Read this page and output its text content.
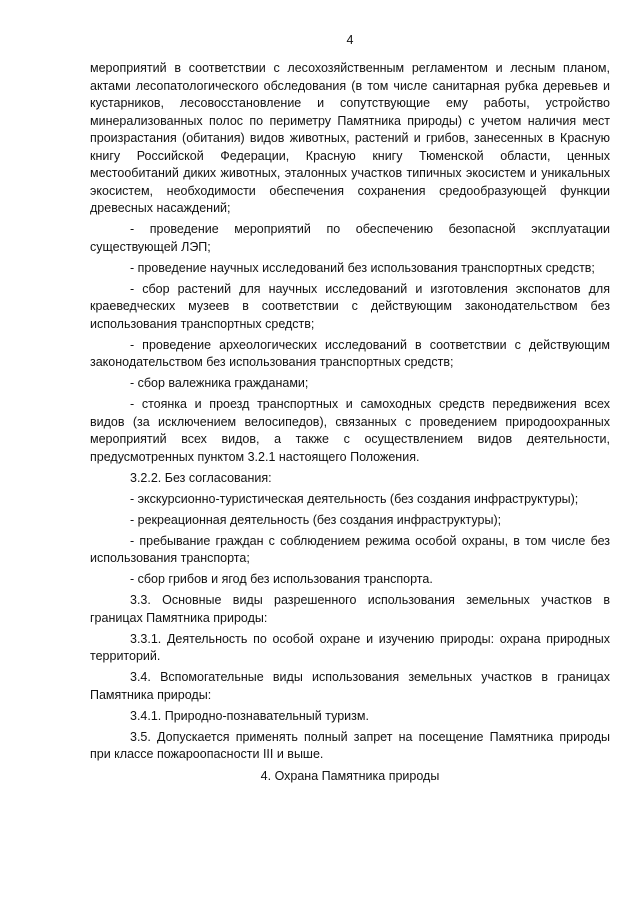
4

мероприятий в соответствии с лесохозяйственным регламентом и лесным планом, актами лесопатологического обследования (в том числе санитарная рубка деревьев и кустарников, лесовосстановление и сопутствующие ему работы, устройство минерализованных полос по периметру Памятника природы) с учетом наличия мест произрастания (обитания) видов животных, растений и грибов, занесенных в Красную книгу Российской Федерации, Красную книгу Тюменской области, ценных местообитаний диких животных, эталонных участков типичных экосистем и уникальных экосистем, необходимости обеспечения сохранения средообразующей функции древесных насаждений;

- проведение мероприятий по обеспечению безопасной эксплуатации существующей ЛЭП;

- проведение научных исследований без использования транспортных средств;

- сбор растений для научных исследований и изготовления экспонатов для краеведческих музеев в соответствии с действующим законодательством без использования транспортных средств;

- проведение археологических исследований в соответствии с действующим законодательством без использования транспортных средств;

- сбор валежника гражданами;

- стоянка и проезд транспортных и самоходных средств передвижения всех видов (за исключением велосипедов), связанных с проведением природоохранных мероприятий всех видов, а также с осуществлением видов деятельности, предусмотренных пунктом 3.2.1 настоящего Положения.

3.2.2. Без согласования:

- экскурсионно-туристическая деятельность (без создания инфраструктуры);

- рекреационная деятельность (без создания инфраструктуры);

- пребывание граждан с соблюдением режима особой охраны, в том числе без использования транспорта;

- сбор грибов и ягод без использования транспорта.

3.3. Основные виды разрешенного использования земельных участков в границах Памятника природы:

3.3.1. Деятельность по особой охране и изучению природы: охрана природных территорий.

3.4. Вспомогательные виды использования земельных участков в границах Памятника природы:

3.4.1. Природно-познавательный туризм.

3.5. Допускается применять полный запрет на посещение Памятника природы при классе пожароопасности III и выше.

4. Охрана Памятника природы
